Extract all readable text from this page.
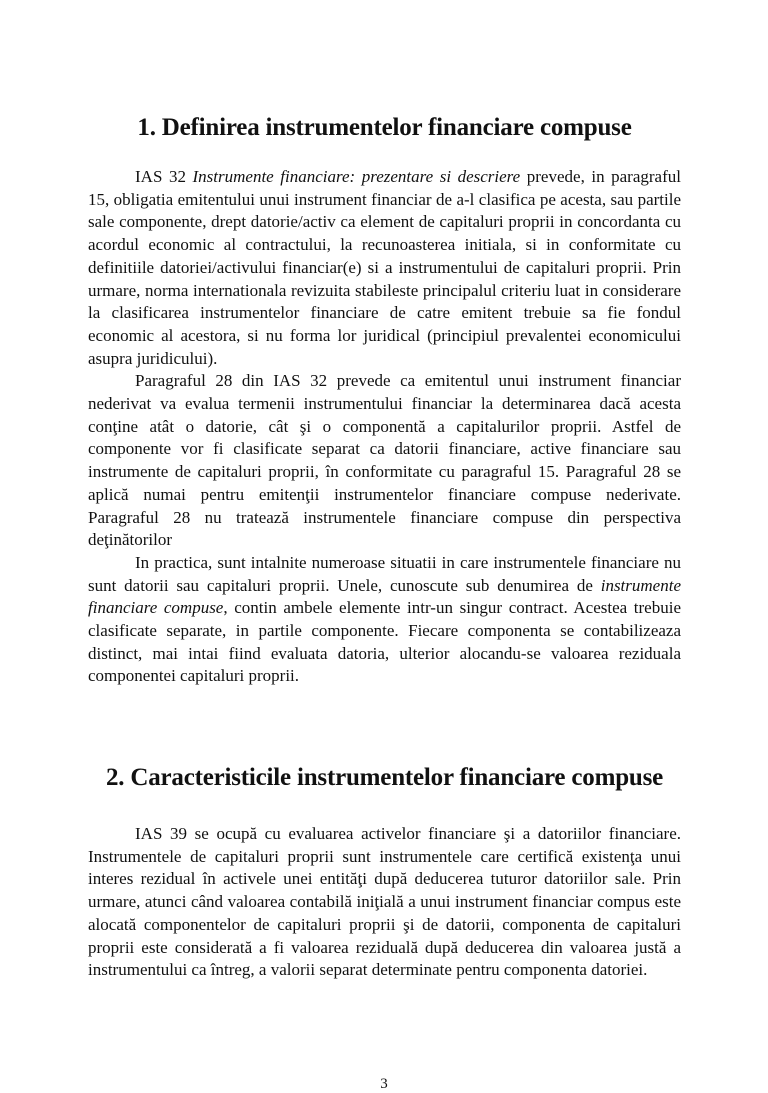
1. Definirea instrumentelor financiare compuse

IAS 32 Instrumente financiare: prezentare si descriere prevede, in paragraful 15, obligatia emitentului unui instrument financiar de a-l clasifica pe acesta, sau partile sale componente, drept datorie/activ ca element de capitaluri proprii in concordanta cu acordul economic al contractului, la recunoasterea initiala, si in conformitate cu definitiile datoriei/activului financiar(e) si a instrumentului de capitaluri proprii. Prin urmare, norma internationala revizuita stabileste principalul criteriu luat in considerare la clasificarea instrumentelor financiare de catre emitent trebuie sa fie fondul economic al acestora, si nu forma lor juridical (principiul prevalentei economicului asupra juridicului).

Paragraful 28 din IAS 32 prevede ca emitentul unui instrument financiar nederivat va evalua termenii instrumentului financiar la determinarea dacă acesta conţine atât o datorie, cât şi o componentă a capitalurilor proprii. Astfel de componente vor fi clasificate separat ca datorii financiare, active financiare sau instrumente de capitaluri proprii, în conformitate cu paragraful 15. Paragraful 28 se aplică numai pentru emitenţii instrumentelor financiare compuse nederivate. Paragraful 28 nu tratează instrumentele financiare compuse din perspectiva deţinătorilor

In practica, sunt intalnite numeroase situatii in care instrumentele financiare nu sunt datorii sau capitaluri proprii. Unele, cunoscute sub denumirea de instrumente financiare compuse, contin ambele elemente intr-un singur contract. Acestea trebuie clasificate separate, in partile componente. Fiecare componenta se contabilizeaza distinct, mai intai fiind evaluata datoria, ulterior alocandu-se valoarea reziduala componentei capitaluri proprii.

2. Caracteristicile instrumentelor financiare compuse

IAS 39 se ocupă cu evaluarea activelor financiare şi a datoriilor financiare. Instrumentele de capitaluri proprii sunt instrumentele care certifică existenţa unui interes rezidual în activele unei entităţi după deducerea tuturor datoriilor sale. Prin urmare, atunci când valoarea contabilă iniţială a unui instrument financiar compus este alocată componentelor de capitaluri proprii şi de datorii, componenta de capitaluri proprii este considerată a fi valoarea reziduală după deducerea din valoarea justă a instrumentului ca întreg, a valorii separat determinate pentru componenta datoriei.

3
